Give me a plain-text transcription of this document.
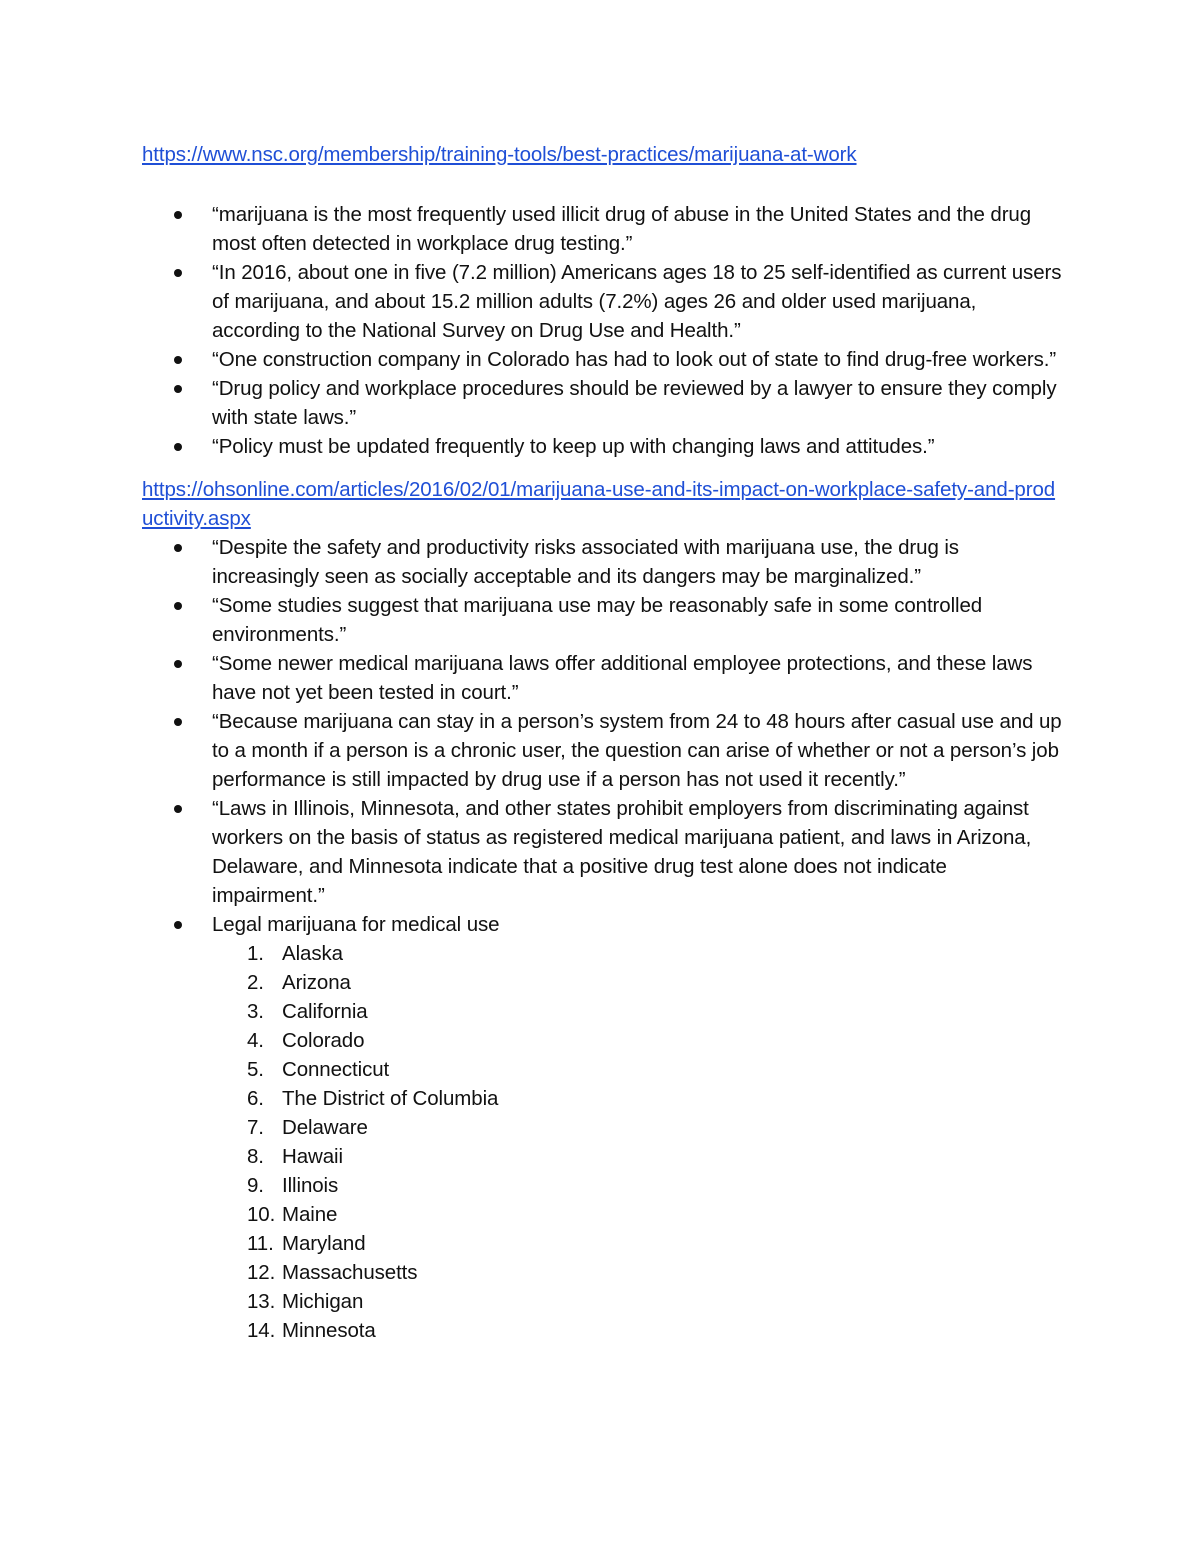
https://www.nsc.org/membership/training-tools/best-practices/marijuana-at-work
“marijuana is the most frequently used illicit drug of abuse in the United States and the drug most often detected in workplace drug testing.”
“In 2016, about one in five (7.2 million) Americans ages 18 to 25 self-identified as current users of marijuana, and about 15.2 million adults (7.2%) ages 26 and older used marijuana, according to the National Survey on Drug Use and Health.”
“One construction company in Colorado has had to look out of state to find drug-free workers.”
“Drug policy and workplace procedures should be reviewed by a lawyer to ensure they comply with state laws.”
“Policy must be updated frequently to keep up with changing laws and attitudes.”
https://ohsonline.com/articles/2016/02/01/marijuana-use-and-its-impact-on-workplace-safety-and-productivity.aspx
“Despite the safety and productivity risks associated with marijuana use, the drug is increasingly seen as socially acceptable and its dangers may be marginalized.”
“Some studies suggest that marijuana use may be reasonably safe in some controlled environments.”
“Some newer medical marijuana laws offer additional employee protections, and these laws have not yet been tested in court.”
“Because marijuana can stay in a person’s system from 24 to 48 hours after casual use and up to a month if a person is a chronic user, the question can arise of whether or not a person’s job performance is still impacted by drug use if a person has not used it recently.”
“Laws in Illinois, Minnesota, and other states prohibit employers from discriminating against workers on the basis of status as registered medical marijuana patient, and laws in Arizona, Delaware, and Minnesota indicate that a positive drug test alone does not indicate impairment.”
Legal marijuana for medical use
1. Alaska
2. Arizona
3. California
4. Colorado
5. Connecticut
6. The District of Columbia
7. Delaware
8. Hawaii
9. Illinois
10. Maine
11. Maryland
12. Massachusetts
13. Michigan
14. Minnesota
